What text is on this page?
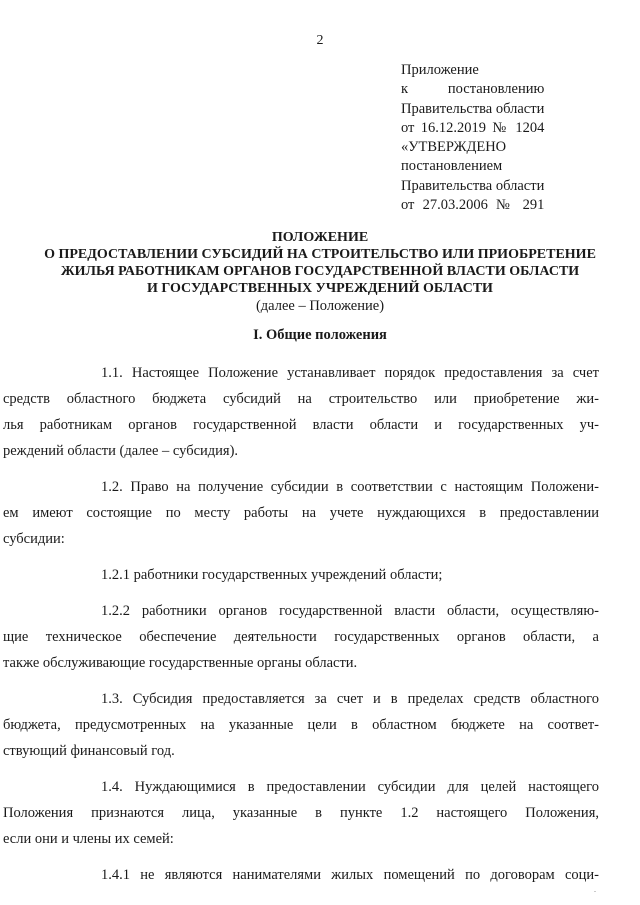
2
Приложение
к постановлению
Правительства области
от 16.12.2019 № 1204
«УТВЕРЖДЕНО
постановлением
Правительства области
от 27.03.2006 № 291
ПОЛОЖЕНИЕ
О ПРЕДОСТАВЛЕНИИ СУБСИДИЙ НА СТРОИТЕЛЬСТВО ИЛИ ПРИОБРЕТЕНИЕ
ЖИЛЬЯ РАБОТНИКАМ ОРГАНОВ ГОСУДАРСТВЕННОЙ ВЛАСТИ ОБЛАСТИ
И ГОСУДАРСТВЕННЫХ УЧРЕЖДЕНИЙ ОБЛАСТИ
(далее – Положение)
I. Общие положения
1.1. Настоящее Положение устанавливает порядок предоставления за счет
средств областного бюджета субсидий на строительство или приобретение жи-
лья работникам органов государственной власти области и государственных уч-
реждений области (далее – субсидия).
1.2. Право на получение субсидии в соответствии с настоящим Положени-
ем имеют состоящие по месту работы на учете нуждающихся в предоставлении
субсидии:
1.2.1 работники государственных учреждений области;
1.2.2 работники органов государственной власти области, осуществляю-
щие техническое обеспечение деятельности государственных органов области, а
также обслуживающие государственные органы области.
1.3. Субсидия предоставляется за счет и в пределах средств областного
бюджета, предусмотренных на указанные цели в областном бюджете на соответ-
ствующий финансовый год.
1.4. Нуждающимися в предоставлении субсидии для целей настоящего
Положения признаются лица, указанные в пункте 1.2 настоящего Положения,
если они и члены их семей:
1.4.1 не являются нанимателями жилых помещений по договорам соци-
.
